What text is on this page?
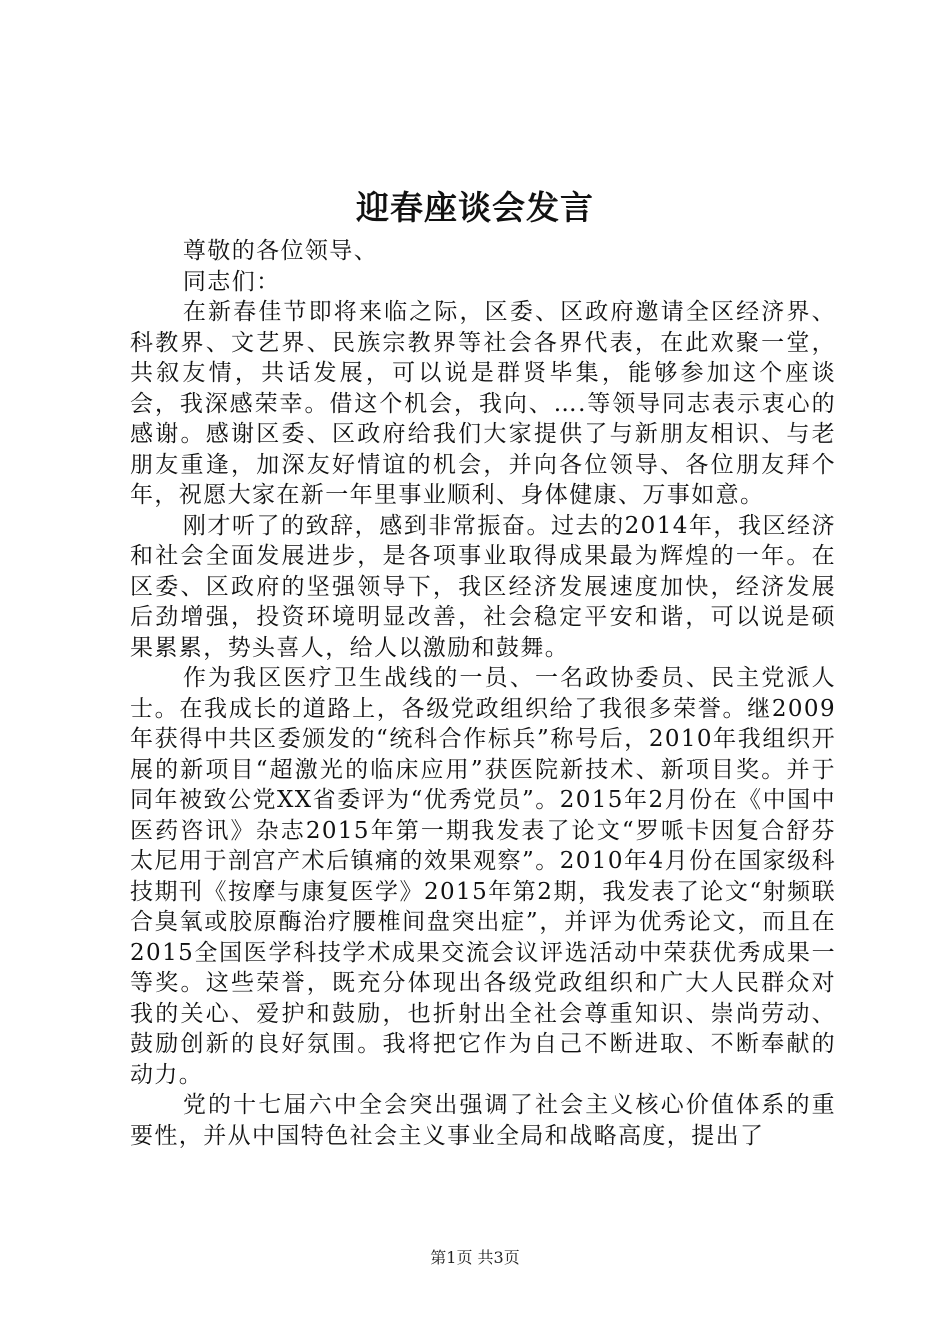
迎春座谈会发言

尊敬的各位领导、

同志们：

在新春佳节即将来临之际，区委、区政府邀请全区经济界、科教界、文艺界、民族宗教界等社会各界代表，在此欢聚一堂，共叙友情，共话发展，可以说是群贤毕集，能够参加这个座谈会，我深感荣幸。借这个机会，我向、….等领导同志表示衷心的感谢。感谢区委、区政府给我们大家提供了与新朋友相识、与老朋友重逢，加深友好情谊的机会，并向各位领导、各位朋友拜个年，祝愿大家在新一年里事业顺利、身体健康、万事如意。

刚才听了的致辞，感到非常振奋。过去的2014年，我区经济和社会全面发展进步，是各项事业取得成果最为辉煌的一年。在区委、区政府的坚强领导下，我区经济发展速度加快，经济发展后劲增强，投资环境明显改善，社会稳定平安和谐，可以说是硕果累累，势头喜人，给人以激励和鼓舞。

作为我区医疗卫生战线的一员、一名政协委员、民主党派人士。在我成长的道路上，各级党政组织给了我很多荣誉。继2009年获得中共区委颁发的“统科合作标兵”称号后，2010年我组织开展的新项目“超激光的临床应用”获医院新技术、新项目奖。并于同年被致公党XX省委评为“优秀党员”。2015年2月份在《中国中医药咨讯》杂志2015年第一期我发表了论文“罗哌卡因复合舒芬太尼用于剖宫产术后镇痛的效果观察”。2010年4月份在国家级科技期刊《按摩与康复医学》2015年第2期，我发表了论文“射频联合臭氧或胶原酶治疗腰椎间盘突出症”，并评为优秀论文，而且在2015全国医学科技学术成果交流会议评选活动中荣获优秀成果一等奖。这些荣誉，既充分体现出各级党政组织和广大人民群众对我的关心、爱护和鼓励，也折射出全社会尊重知识、崇尚劳动、鼓励创新的良好氛围。我将把它作为自己不断进取、不断奉献的动力。

党的十七届六中全会突出强调了社会主义核心价值体系的重要性，并从中国特色社会主义事业全局和战略高度，提出了

第1页 共3页
